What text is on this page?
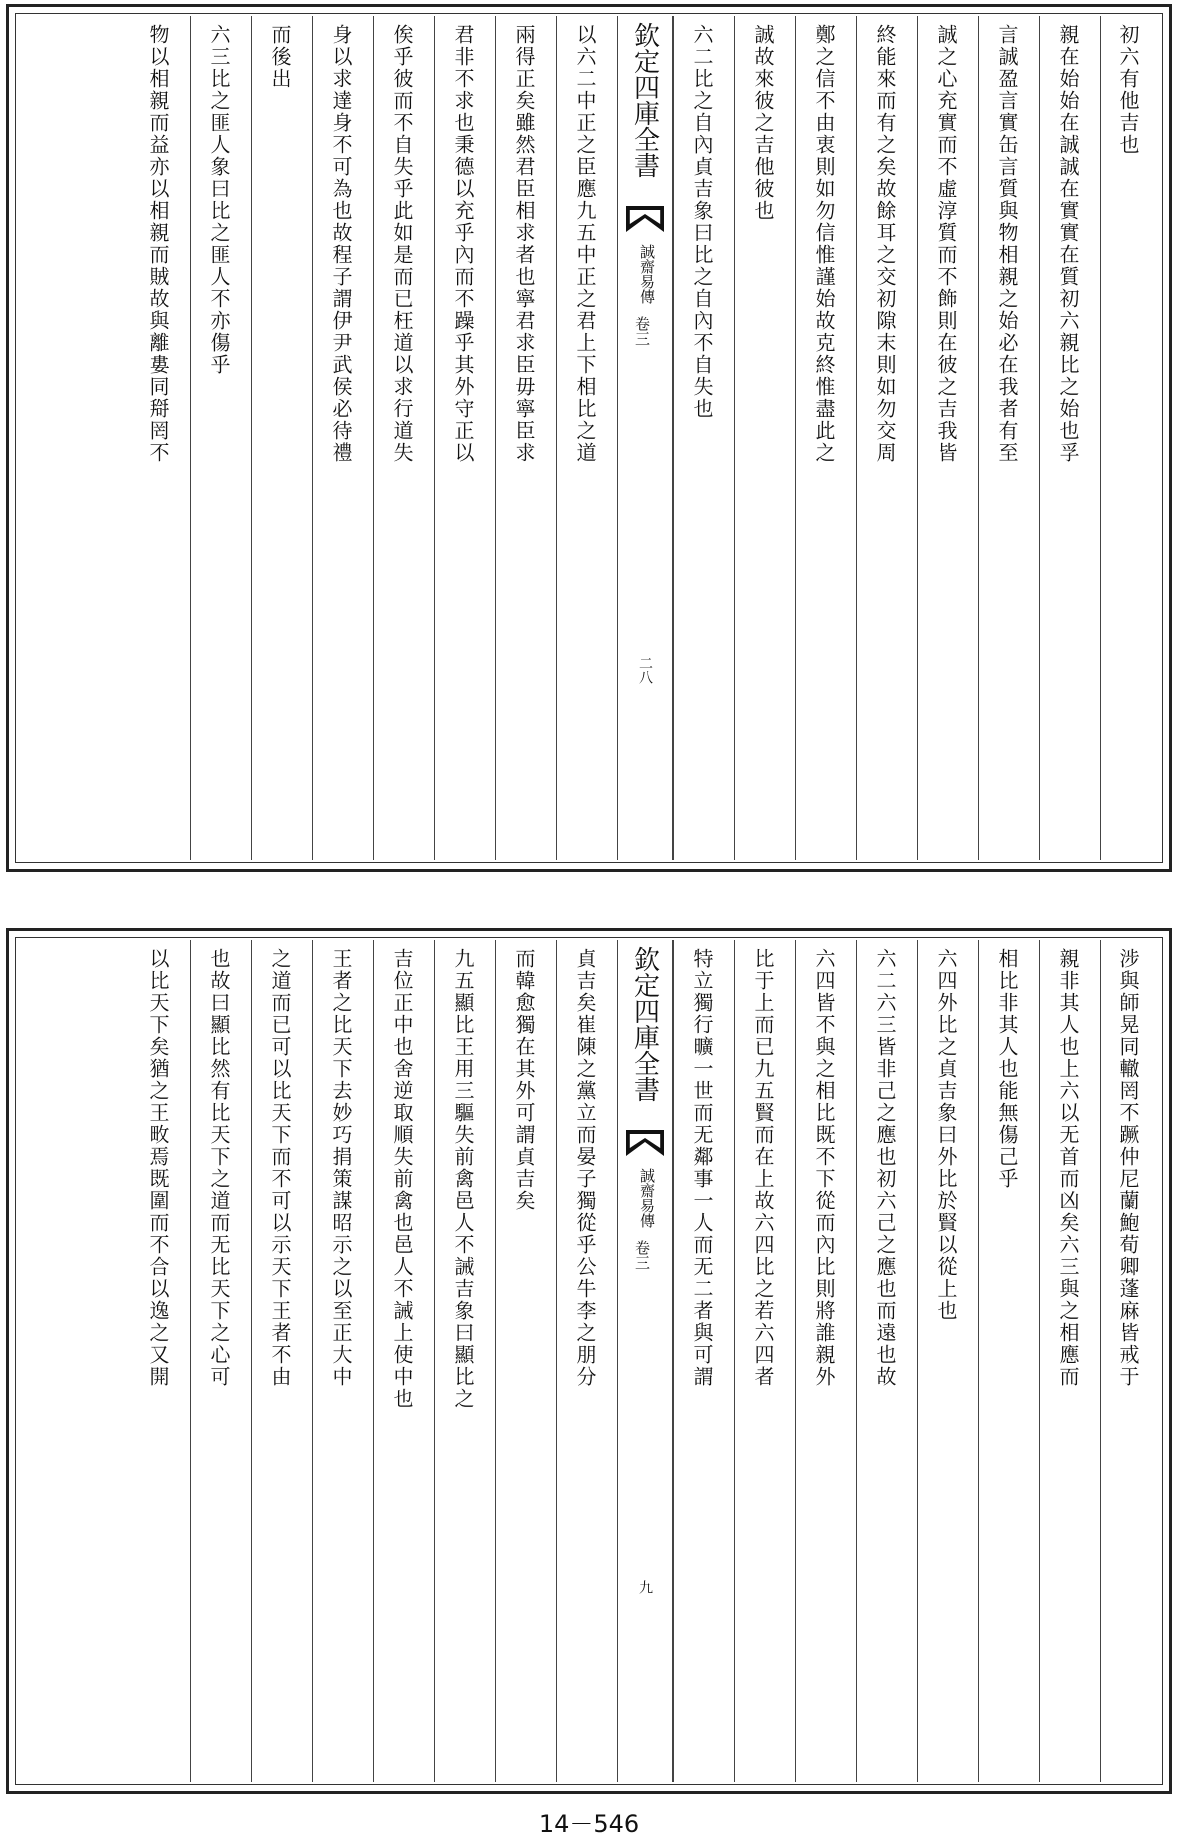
初六有他吉也
親在始始在誠誠在實實在質初六親比之始也孚
言誠盈言實缶言質與物相親之始必在我者有至
誠之心充實而不虛淳質而不飾則在彼之吉我皆
終能來而有之矣故餘耳之交初隙末則如勿交周
鄭之信不由衷則如勿信惟謹始故克終惟盡此之
誠故來彼之吉他彼也
六二比之自內貞吉象曰比之自內不自失也
欽定四庫全書
誠齋易傳
卷三
二八
以六二中正之臣應九五中正之君上下相比之道
兩得正矣雖然君臣相求者也寧君求臣毋寧臣求
君非不求也秉德以充乎內而不躁乎其外守正以
俟乎彼而不自失乎此如是而已枉道以求行道失
身以求達身不可為也故程子謂伊尹武侯必待禮
而後出
六三比之匪人象曰比之匪人不亦傷乎
物以相親而益亦以相親而賊故與離婁同搿罔不
涉與師晃同轍罔不蹶仲尼蘭鮑荀卿蓬麻皆戒于
親非其人也上六以无首而凶矣六三與之相應而
相比非其人也能無傷己乎
六四外比之貞吉象曰外比於賢以從上也
六二六三皆非己之應也初六己之應也而遠也故
六四皆不與之相比既不下從而內比則將誰親外
比于上而已九五賢而在上故六四比之若六四者
特立獨行曠一世而无鄰事一人而无二者與可謂
欽定四庫全書
誠齋易傳
卷三
九
貞吉矣崔陳之黨立而晏子獨從乎公牛李之朋分
而韓愈獨在其外可謂貞吉矣
九五顯比王用三驅失前禽邑人不誡吉象曰顯比之
吉位正中也舍逆取順失前禽也邑人不誡上使中也
王者之比天下去妙巧捐策謀昭示之以至正大中
之道而已可以比天下而不可以示天下王者不由
也故曰顯比然有比天下之道而无比天下之心可
以比天下矣猶之王畋焉既圍而不合以逸之又開
14－546
